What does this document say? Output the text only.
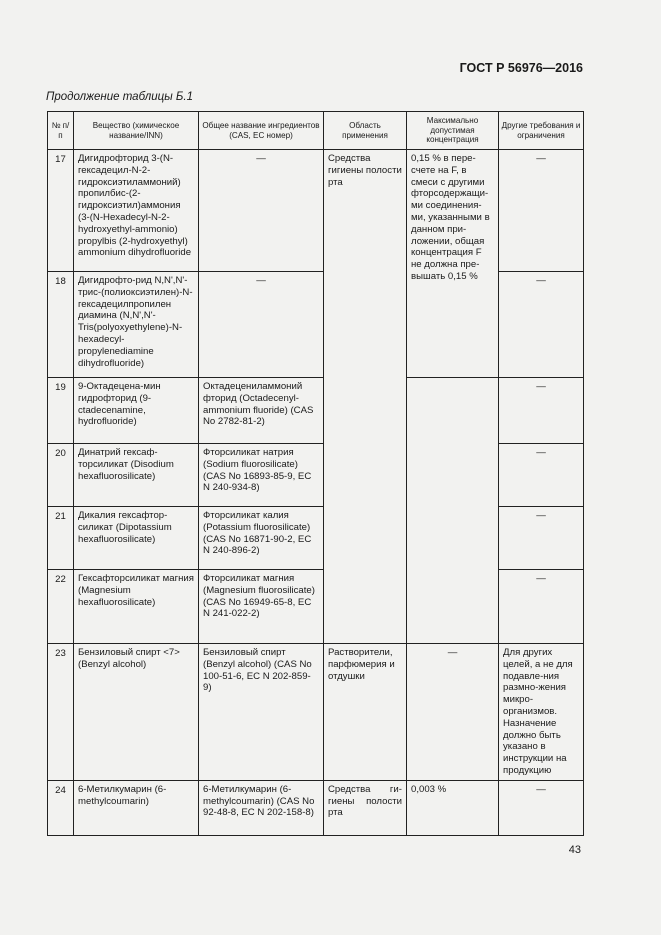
ГОСТ Р 56976—2016
Продолжение таблицы Б.1
№ п/п	Вещество (химическое название/INN)	Общее название ингредиентов (CAS, EC номер)	Область применения	Максимально допустимая концентрация	Другие требования и ограничения
17	Дигидрофторид 3-(N- гексадецил-N-2-гидроксиэтиламмоний) пропилбис-(2-гидроксиэтил)аммония (3-(N-Hexadecyl-N-2-hydroxyethyl-ammonio) propylbis (2-hydroxyethyl) ammonium dihydrofluoride	—	Средства гигиены полости рта	0,15 % в пере-счете на F, в смеси с другими фторсодержащи-ми соединения-ми, указанными в данном при-ложении, общая концентрация F не должна пре-вышать 0,15 %	—
18	Дигидрофто-рид N,N',N'-трис-(полиоксиэтилен)-N-гексадецилпропилен диамина (N,N',N'-Tris(polyoxyethylene)-N-hexadecyl-propylenediamine dihydrofluoride)	—			—
19	9-Октадецена-мин гидрофторид (9-ctadecenamine, hydrofluoride)	Октадецениламмоний фторид (Octadecenyl-ammonium fluoride) (CAS No 2782-81-2)			—
20	Динатрий гексаф-торсиликат (Disodium hexafluorosilicate)	Фторсиликат натрия (Sodium fluorosilicate) (CAS No 16893-85-9, EC N 240-934-8)			—
21	Дикалия гексафтор-силикат (Dipotassium hexafluorosilicate)	Фторсиликат калия (Potassium fluorosilicate) (CAS No 16871-90-2, EC N 240-896-2)			—
22	Гексафторсиликат магния (Magnesium hexafluorosilicate)	Фторсиликат магния (Magnesium fluorosilicate) (CAS No 16949-65-8, EC N 241-022-2)			—
23	Бензиловый спирт <7> (Benzyl alcohol)	Бензиловый спирт (Benzyl alcohol) (CAS No 100-51-6, EC N 202-859-9)	Растворители, парфюмерия и отдушки	—	Для других целей, а не для подавле-ния размно-жения микро-организмов. Назначение должно быть указано в инструкции на продукцию
24	6-Метилкумарин (6-methylcoumarin)	6-Метилкумарин (6-methylcoumarin) (CAS No 92-48-8, EC N 202-158-8)	Средства ги-гиены полости рта	0,003 %	—
43
